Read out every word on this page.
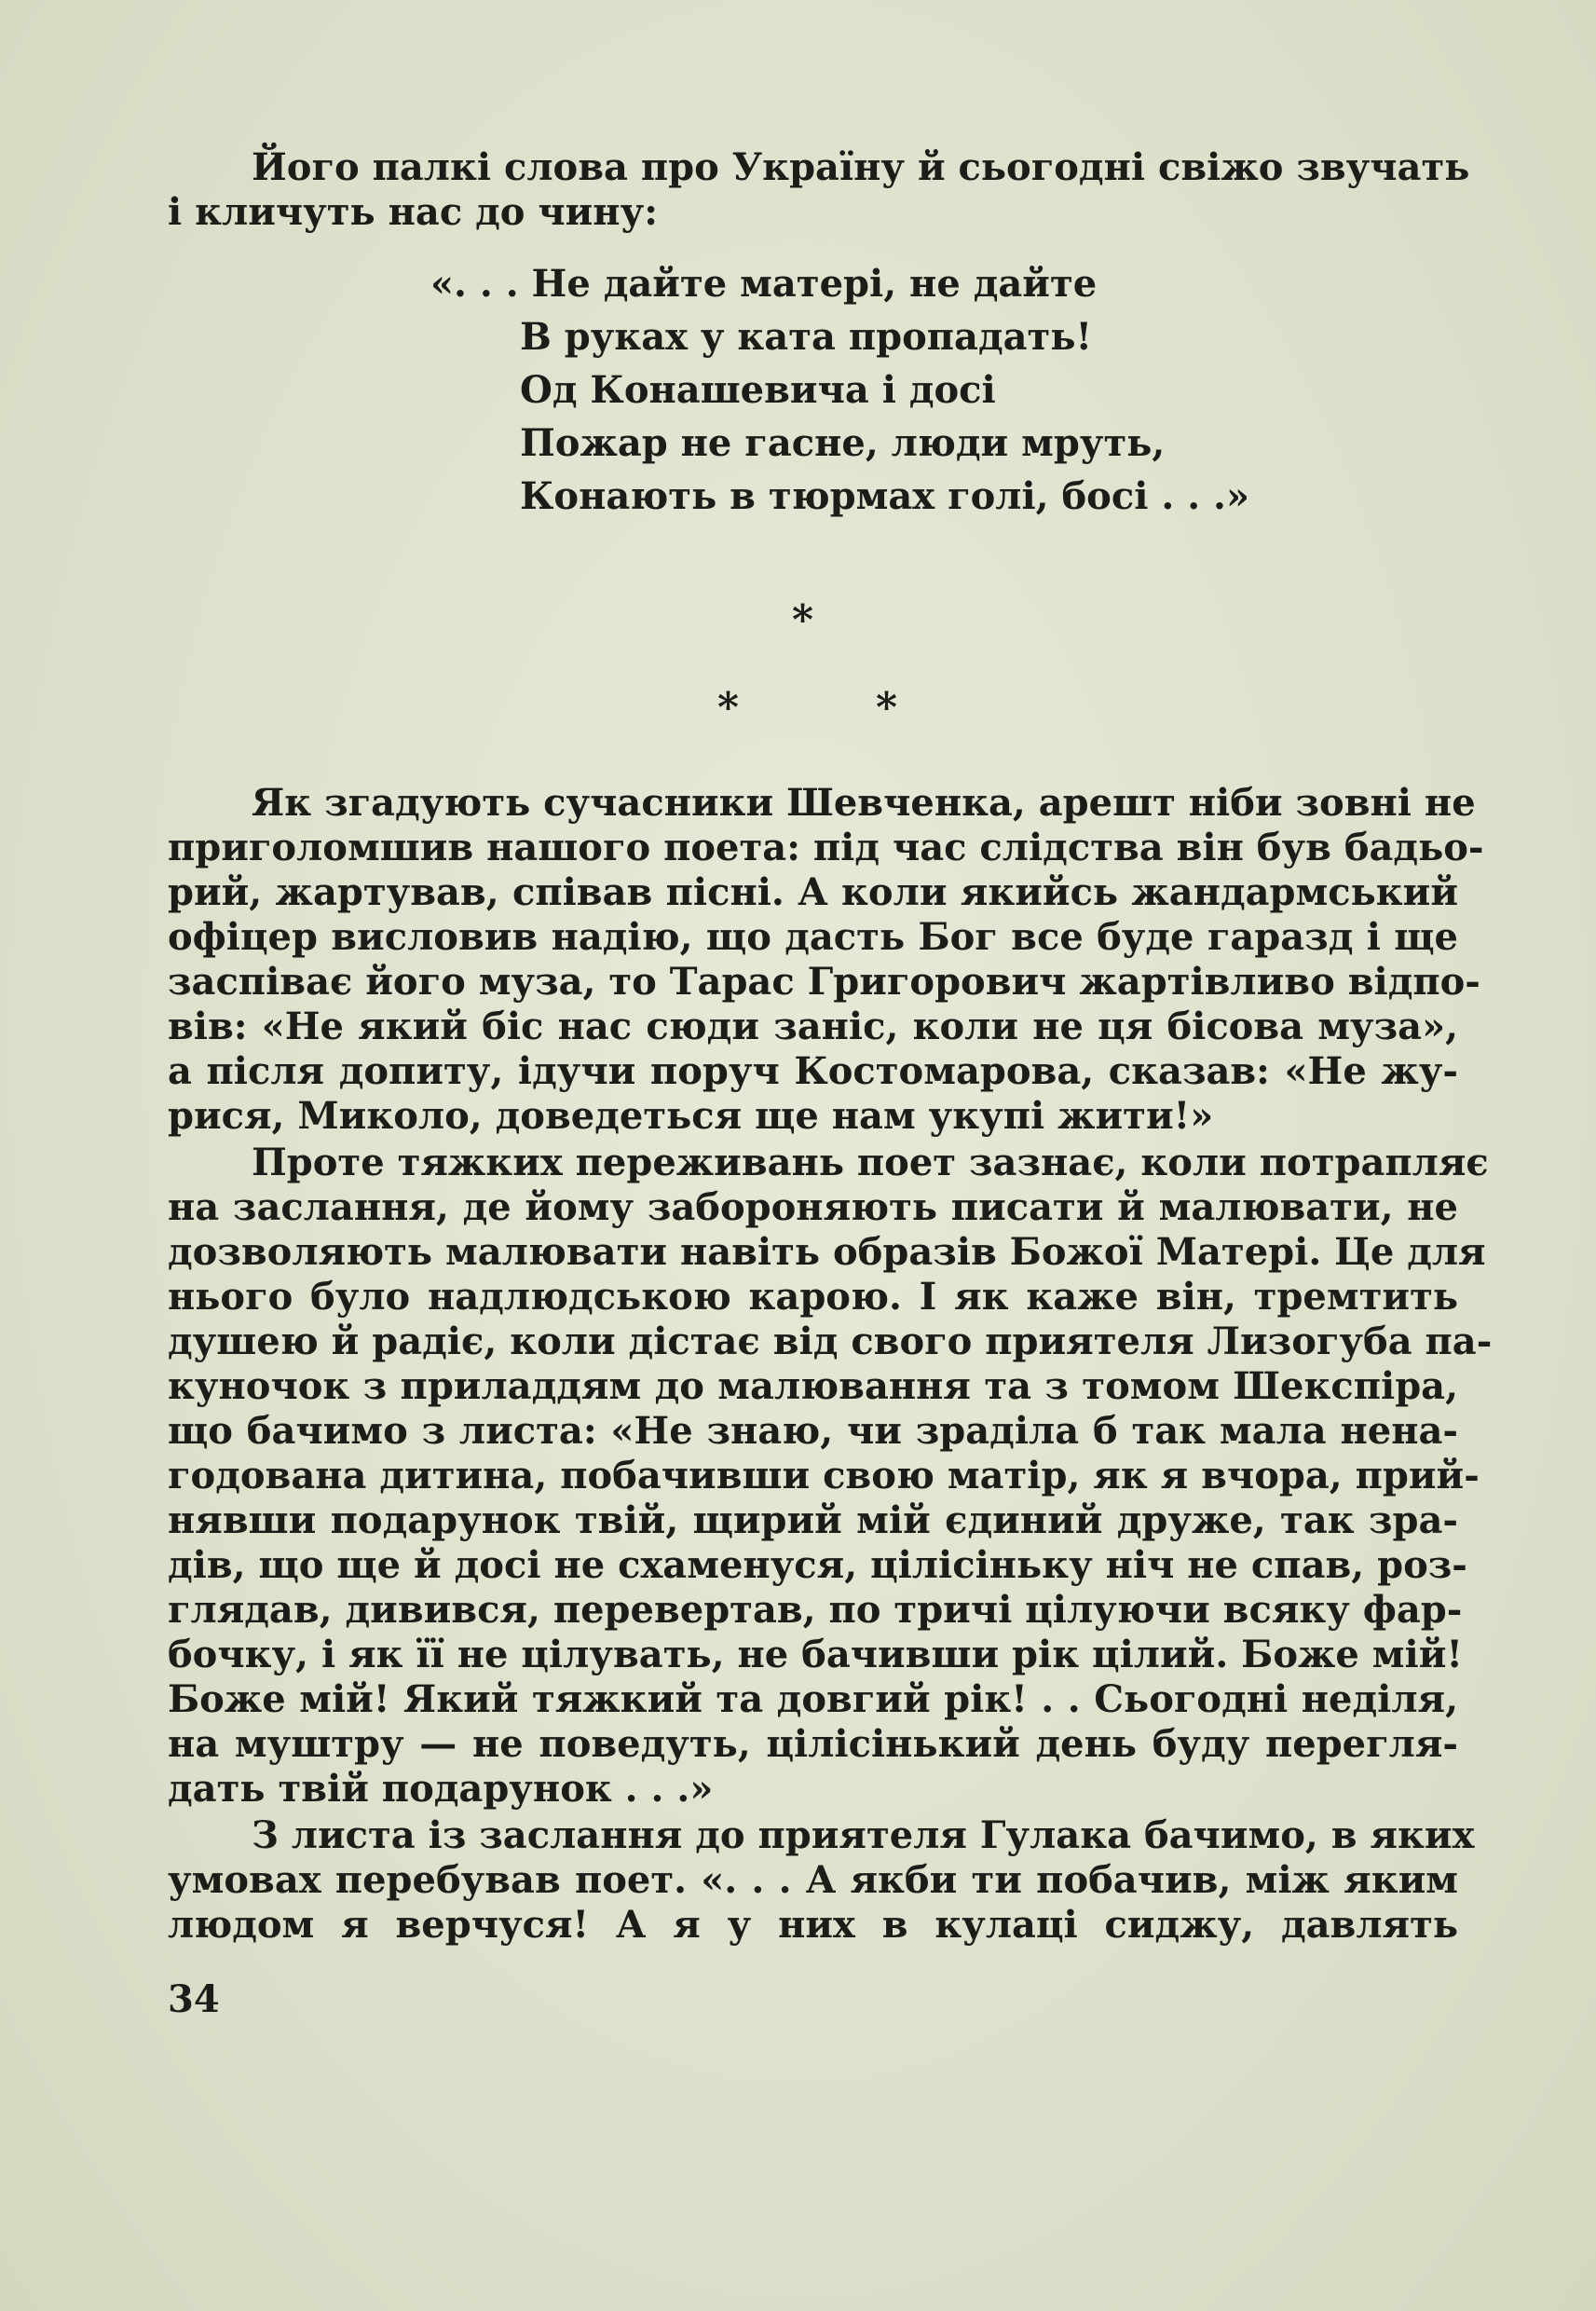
Його палкі слова про Україну й сьогодні свіжо звучать
і кличуть нас до чину:
«. . . Не дайте матері, не дайте
В руках у ката пропадать!
Од Конашевича і досі
Пожар не гасне, люди мруть,
Конають в тюрмах голі, босі . . .»
*
*	*
Як згадують сучасники Шевченка, арешт ніби зовні не
приголомшив нашого поета: під час слідства він був бадьо-
рий, жартував, співав пісні. А коли якийсь жандармський
офіцер висловив надію, що дасть Бог все буде гаразд і ще
заспіває його муза, то Тарас Григорович жартівливо відпо-
вів: «Не який біс нас сюди заніс, коли не ця бісова муза»,
а після допиту, ідучи поруч Костомарова, сказав: «Не жу-
рися, Миколо, доведеться ще нам укупі жити!»
Проте тяжких переживань поет зазнає, коли потрапляє
на заслання, де йому забороняють писати й малювати, не
дозволяють малювати навіть образів Божої Матері. Це для
нього було надлюдською карою. І як каже він, тремтить
душею й радіє, коли дістає від свого приятеля Лизогуба па-
куночок з приладдям до малювання та з томом Шекспіра,
що бачимо з листа: «Не знаю, чи зраділа б так мала нена-
годована дитина, побачивши свою матір, як я вчора, прий-
нявши подарунок твій, щирий мій єдиний друже, так зра-
дів, що ще й досі не схаменуся, цілісіньку ніч не спав, роз-
глядав, дивився, перевертав, по тричі цілуючи всяку фар-
бочку, і як її не цілувать, не бачивши рік цілий. Боже мій!
Боже мій! Який тяжкий та довгий рік! . . Сьогодні неділя,
на муштру — не поведуть, цілісінький день буду перегля-
дать твій подарунок . . .»
З листа із заслання до приятеля Гулака бачимо, в яких
умовах перебував поет. «. . . А якби ти побачив, між яким
людом я верчуся! А я у них в кулаці сиджу, давлять
34
